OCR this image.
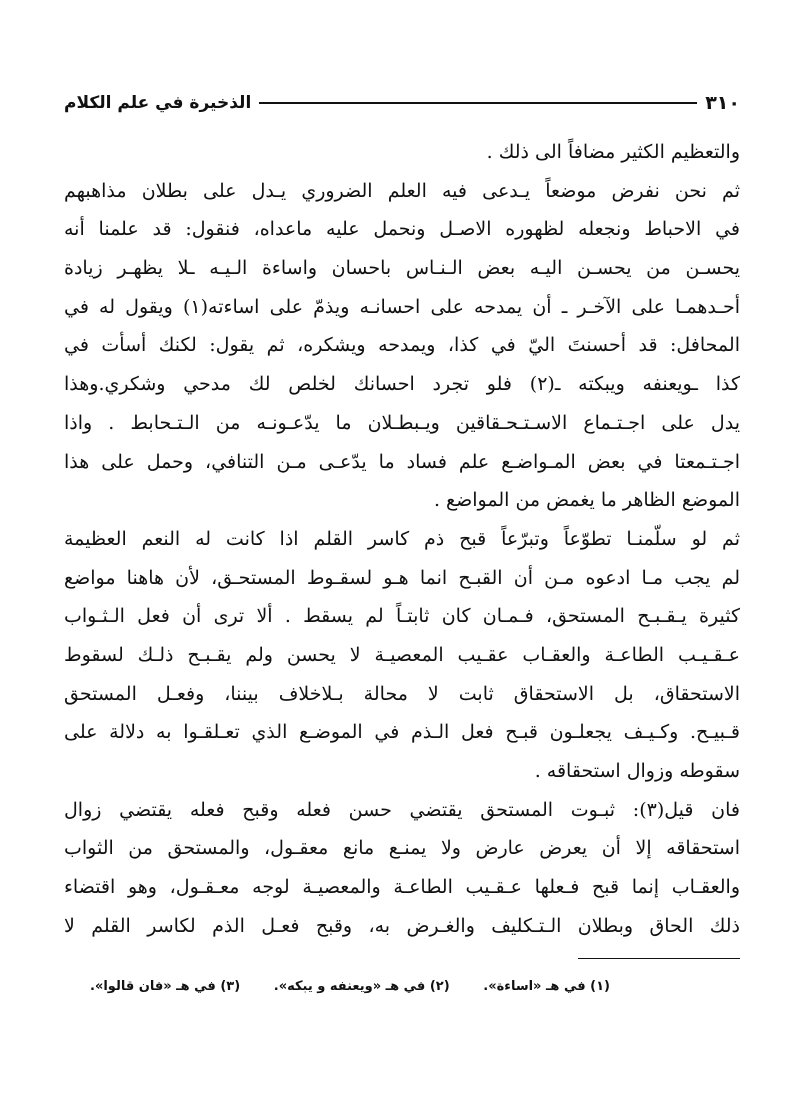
٣١٠
الذخيرة في علم الكلام
والتعظيم الكثير مضافاً الى ذلك .
ثم نحن نفرض موضعاً يـدعى فيه العلم الضروري يـدل على بطلان مذاهبهم
في الاحباط ونجعله لظهوره الاصـل ونحمل عليه ماعداه، فنقول: قد علمنا أنه
يحسـن من يحسـن اليـه بعض الـنـاس باحسان واساءة الـيـه ـلا يظهـر زيادة
أحـدهمـا على الآخـر ـ أن يمدحه على احسانـه ويذمّ على اساءته(١) ويقول له في
المحافل: قد أحسنتَ اليّ في كذا، ويمدحه ويشكره، ثم يقول: لكنك أسأت في
كذا ـويعنفه ويبكته ـ(٢) فلو تجرد احسانك لخلص لك مدحي وشكري.وهذا
يدل على اجـتـماع الاسـتـحـقاقين ويـبطـلان ما يدّعـونـه من الـتـحابط . واذا
اجـتـمعتا في بعض المـواضـع علم فساد ما يدّعـى مـن التنافي، وحمل على هذا
الموضع الظاهر ما يغمض من المواضع .
ثم لو سلّمنـا تطوّعاً وتبرّعاً قبح ذم كاسر القلم اذا كانت له النعم العظيمة
لم يجب مـا ادعوه مـن أن القبـح انما هـو لسقـوط المستحـق، لأن هاهنا مواضع
كثيرة يـقـبـح المستحق، فـمـان كان ثابتـاً لم يسقط . ألا ترى أن فعل الـثـواب
عـقـيـب الطاعـة والعقـاب عقـيب المعصيـة لا يحسن ولم يقـبـح ذلـك لسقوط
الاستحقاق، بل الاستحقاق ثابت لا محالة بـلاخلاف بيننا، وفعـل المستحق
قـبيـح. وكـيـف يجعلـون قبـح فعل الـذم في الموضـع الذي تعـلقـوا به دلالة على
سقوطه وزوال استحقاقه .
فان قيل(٣): ثبـوت المستحق يقتضي حسن فعله وقبح فعله يقتضي زوال
استحقاقه إلا أن يعرض عارض ولا يمنـع مانع معقـول، والمستحق من الثواب
والعقـاب إنما قبح فـعلها عـقـيب الطاعـة والمعصيـة لوجه معـقـول، وهو اقتضاء
ذلك الحاق وبطلان الـتـكليف والغـرض به، وقبح فعـل الذم لكاسر القلم لا
(١) في هـ «اساءة».
(٢) في هـ «ويعنفه و يبكه».
(٣) في هـ «فان قالوا».
